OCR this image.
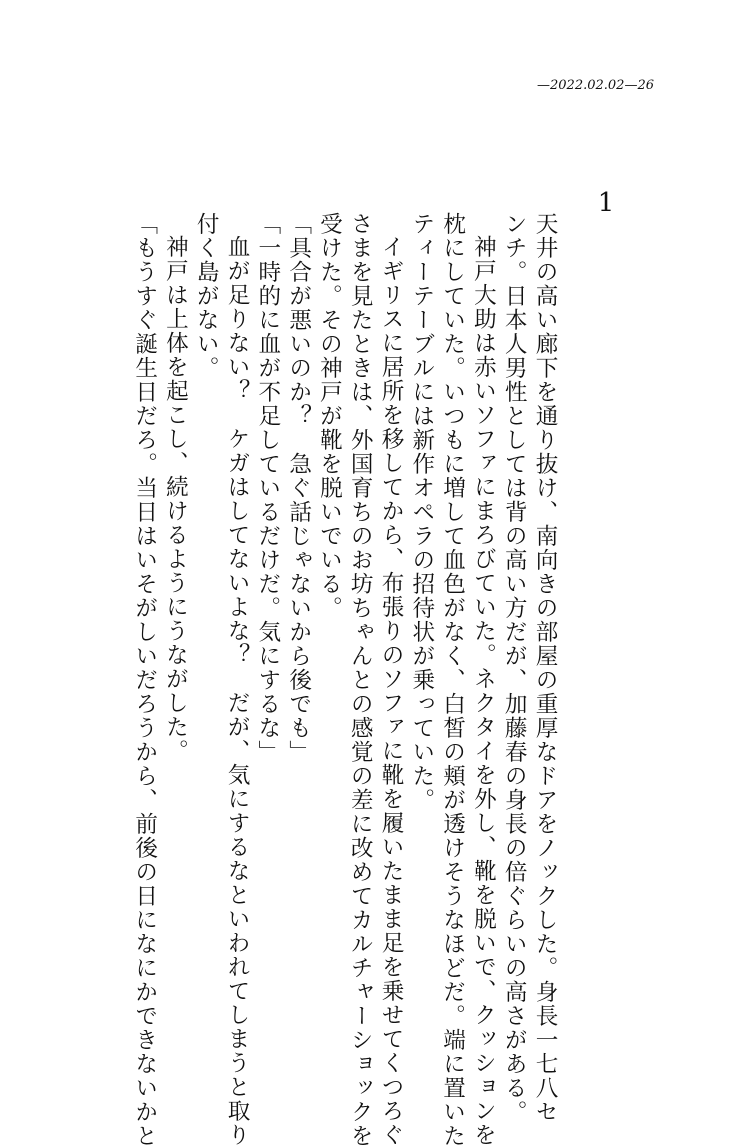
—2022.02.02—26
1

天井の高い廊下を通り抜け、南向きの部屋の重厚なドアをノックした。身長一七八セ

ンチ。日本人男性としては背の高い方だが、加藤春の身長の倍ぐらいの高さがある。

神戸大助は赤いソファにまろびていた。ネクタイを外し、靴を脱いで、クッションを

枕にしていた。いつもに増して血色がなく、白皙の頬が透けそうなほどだ。端に置いた

ティーテーブルには新作オペラの招待状が乗っていた。

イギリスに居所を移してから、布張りのソファに靴を履いたまま足を乗せてくつろぐ

さまを見たときは、外国育ちのお坊ちゃんとの感覚の差に改めてカルチャーショックを

受けた。その神戸が靴を脱いでいる。

「具合が悪いのか？　急ぐ話じゃないから後でも」

「一時的に血が不足しているだけだ。気にするな」

血が足りない？　ケガはしてないよな？　だが、気にするなといわれてしまうと取り

付く島がない。

神戸は上体を起こし、続けるようにうながした。

「もうすぐ誕生日だろ。当日はいそがしいだろうから、前後の日になにかできないかと
